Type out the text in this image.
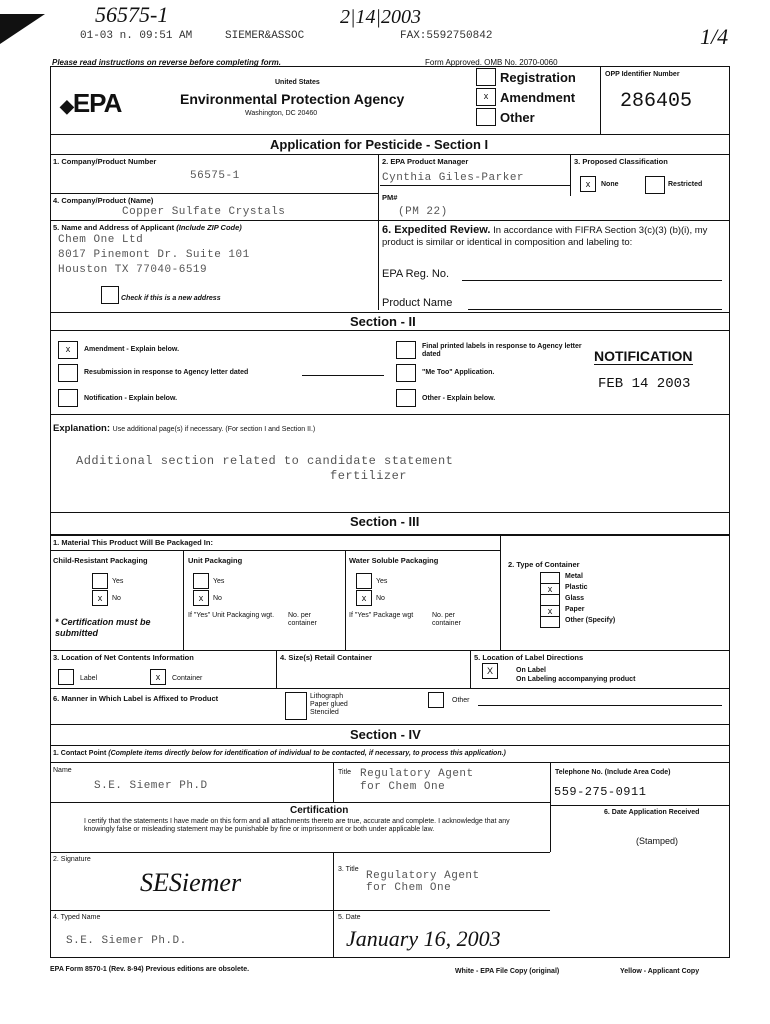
56575-1	2|14|2003
01-03 n. 09:51 AM	SIEMER&ASSOC	FAX:5592750842	1/4
Please read instructions on reverse before completing form.	Form Approved. OMB No. 2070-0060
◆EPA
United States
Environmental Protection Agency
Washington, DC 20460
x
Registration
Amendment
Other
OPP Identifier Number
286405
Application for Pesticide - Section I
1. Company/Product Number
56575-1
2. EPA Product Manager
Cynthia Giles-Parker
3. Proposed Classification
x	None	Restricted
4. Company/Product (Name)
Copper Sulfate Crystals
PM#
(PM 22)
5. Name and Address of Applicant (Include ZIP Code)
Chem One Ltd
8017 Pinemont Dr. Suite 101
Houston TX 77040-6519
Check if this is a new address
6. Expedited Review. In accordance with FIFRA Section 3(c)(3) (b)(i), my product is similar or identical in composition and labeling to:
EPA Reg. No.
Product Name
Section - II
x	Amendment - Explain below.
Resubmission in response to Agency letter dated
Notification - Explain below.
Final printed labels in response to Agency letter dated
"Me Too" Application.
Other - Explain below.
NOTIFICATION
FEB 14 2003
Explanation: Use additional page(s) if necessary. (For section I and Section II.)
Additional section related to candidate statement
fertilizer
Section - III
1. Material This Product Will Be Packaged In:
Child-Resistant Packaging
Yes
x	No
* Certification must be submitted
Unit Packaging
Yes
x	No
If "Yes" Unit Packaging wgt.	No. per container
Water Soluble Packaging
Yes
x	No
If "Yes" Package wgt	No. per container
2. Type of Container
Metal
x	Plastic
Glass
x	Paper
Other (Specify)
3. Location of Net Contents Information
Label	x	Container
4. Size(s) Retail Container	5. Location of Label Directions
X	On Label
On Labeling accompanying product
6. Manner in Which Label is Affixed to Product	Lithograph
Paper glued
Stenciled
Other
Section - IV
1. Contact Point (Complete items directly below for identification of individual to be contacted, if necessary, to process this application.)
Name
S.E. Siemer Ph.D
Title Regulatory Agent
for Chem One
Telephone No. (Include Area Code)
559-275-0911
Certification
I certify that the statements I have made on this form and all attachments thereto are true, accurate and complete. I acknowledge that any knowingly false or misleading statement may be punishable by fine or imprisonment or both under applicable law.
6. Date Application Received
(Stamped)
2. Signature
SESiemer	3. Title
Regulatory Agent
for Chem One
4. Typed Name
S.E. Siemer Ph.D.
5. Date
January 16, 2003
EPA Form 8570-1 (Rev. 8-94) Previous editions are obsolete.	White - EPA File Copy (original)	Yellow - Applicant Copy
